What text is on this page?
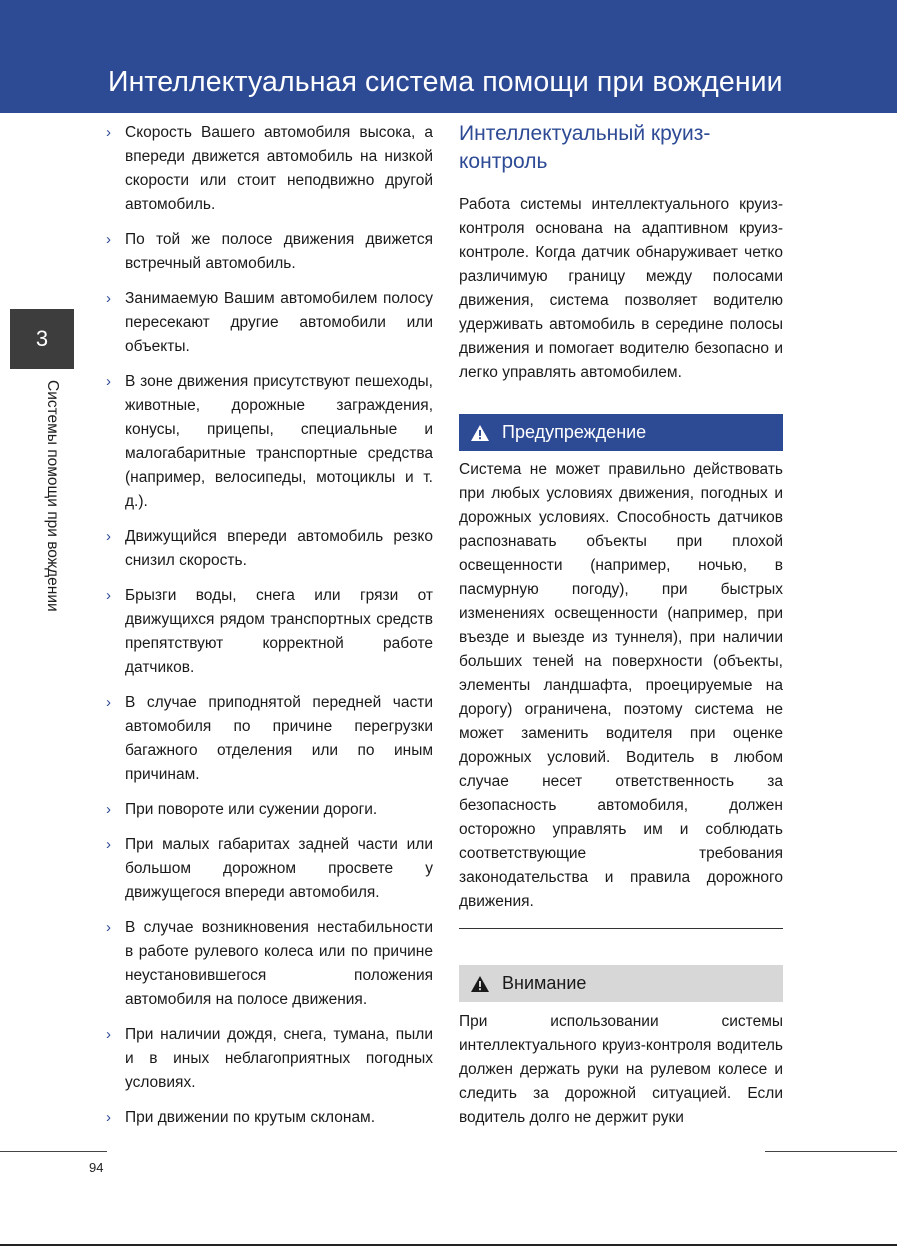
Интеллектуальная система помощи при вождении
3
Системы помощи при вождении
› Скорость Вашего автомобиля высока, а впереди движется автомобиль на низкой скорости или стоит неподвижно другой автомобиль.
› По той же полосе движения движется встречный автомобиль.
› Занимаемую Вашим автомобилем полосу пересекают другие автомобили или объекты.
› В зоне движения присутствуют пешеходы, животные, дорожные заграждения, конусы, прицепы, специальные и малогабаритные транспортные средства (например, велосипеды, мотоциклы и т. д.).
› Движущийся впереди автомобиль резко снизил скорость.
› Брызги воды, снега или грязи от движущихся рядом транспортных средств препятствуют корректной работе датчиков.
› В случае приподнятой передней части автомобиля по причине перегрузки багажного отделения или по иным причинам.
› При повороте или сужении дороги.
› При малых габаритах задней части или большом дорожном просвете у движущегося впереди автомобиля.
› В случае возникновения нестабильности в работе рулевого колеса или по причине неустановившегося положения автомобиля на полосе движения.
› При наличии дождя, снега, тумана, пыли и в иных неблагоприятных погодных условиях.
› При движении по крутым склонам.
Интеллектуальный круиз-контроль
Работа системы интеллектуального круиз-контроля основана на адаптивном круиз-контроле. Когда датчик обнаруживает четко различимую границу между полосами движения, система позволяет водителю удерживать автомобиль в середине полосы движения и помогает водителю безопасно и легко управлять автомобилем.
Предупреждение
Система не может правильно действовать при любых условиях движения, погодных и дорожных условиях. Способность датчиков распознавать объекты при плохой освещенности (например, ночью, в пасмурную погоду), при быстрых изменениях освещенности (например, при въезде и выезде из туннеля), при наличии больших теней на поверхности (объекты, элементы ландшафта, проецируемые на дорогу) ограничена, поэтому система не может заменить водителя при оценке дорожных условий. Водитель в любом случае несет ответственность за безопасность автомобиля, должен осторожно управлять им и соблюдать соответствующие требования законодательства и правила дорожного движения.
Внимание
При использовании системы интеллектуального круиз-контроля водитель должен держать руки на рулевом колесе и следить за дорожной ситуацией. Если водитель долго не держит руки
94
